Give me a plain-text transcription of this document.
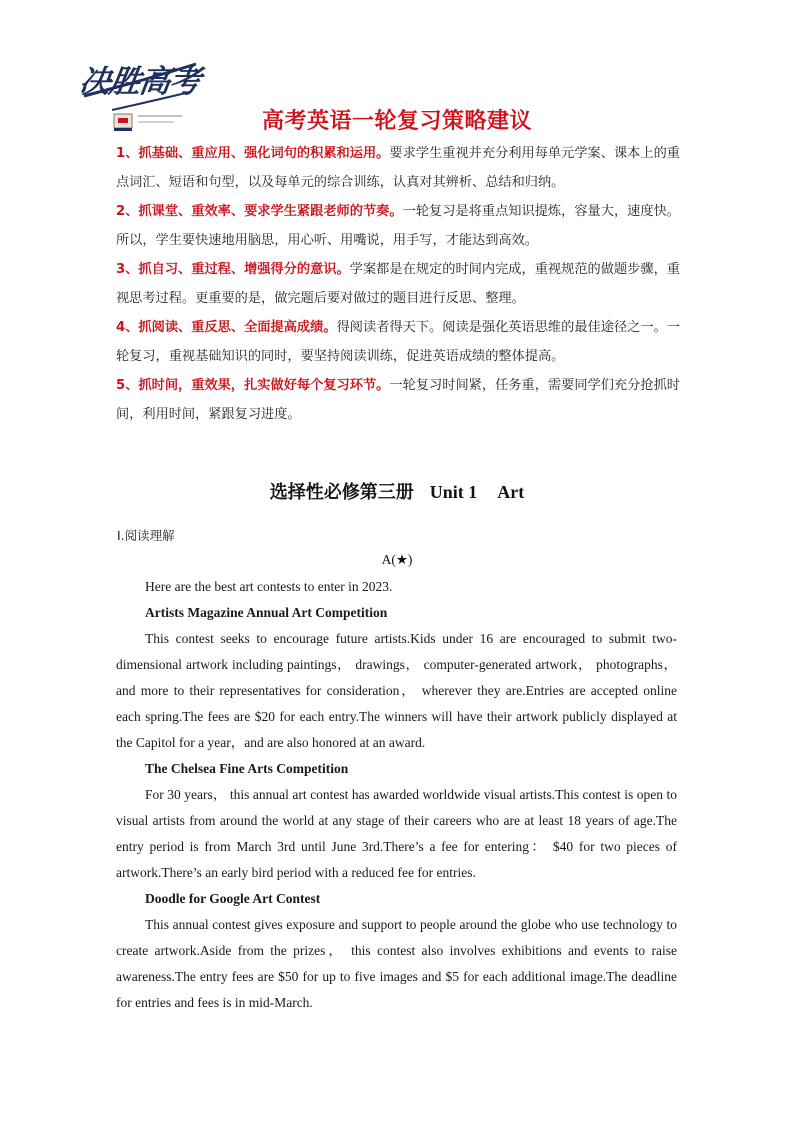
决胜高考
高考英语一轮复习策略建议

1、抓基础、重应用、强化词句的积累和运用。要求学生重视并充分利用每单元学案、课本上的重点词汇、短语和句型，以及每单元的综合训练，认真对其辨析、总结和归纳。

2、抓课堂、重效率、要求学生紧跟老师的节奏。一轮复习是将重点知识提炼，容量大，速度快。所以，学生要快速地用脑思，用心听、用嘴说，用手写，才能达到高效。

3、抓自习、重过程、增强得分的意识。学案都是在规定的时间内完成，重视规范的做题步骤，重视思考过程。更重要的是，做完题后要对做过的题目进行反思、整理。

4、抓阅读、重反思、全面提高成绩。得阅读者得天下。阅读是强化英语思维的最佳途径之一。一轮复习，重视基础知识的同时，要坚持阅读训练，促进英语成绩的整体提高。

5、抓时间，重效果，扎实做好每个复习环节。一轮复习时间紧，任务重，需要同学们充分抢抓时间，利用时间，紧跟复习进度。

选择性必修第三册 Unit 1 Art
Ⅰ.阅读理解
A(★)

Here are the best art contests to enter in 2023.

Artists Magazine Annual Art Competition

This contest seeks to encourage future artists.Kids under 16 are encouraged to submit two-dimensional artwork including paintings， drawings， computer-generated artwork， photographs， and more to their representatives for consideration， wherever they are.Entries are accepted online each spring.The fees are $20 for each entry.The winners will have their artwork publicly displayed at the Capitol for a year，and are also honored at an award.

The Chelsea Fine Arts Competition

For 30 years， this annual art contest has awarded worldwide visual artists.This contest is open to visual artists from around the world at any stage of their careers who are at least 18 years of age.The entry period is from March 3rd until June 3rd.There’s a fee for entering： $40 for two pieces of artwork.There’s an early bird period with a reduced fee for entries.

Doodle for Google Art Contest

This annual contest gives exposure and support to people around the globe who use technology to create artwork.Aside from the prizes， this contest also involves exhibitions and events to raise awareness.The entry fees are $50 for up to five images and $5 for each additional image.The deadline for entries and fees is in mid-March.
